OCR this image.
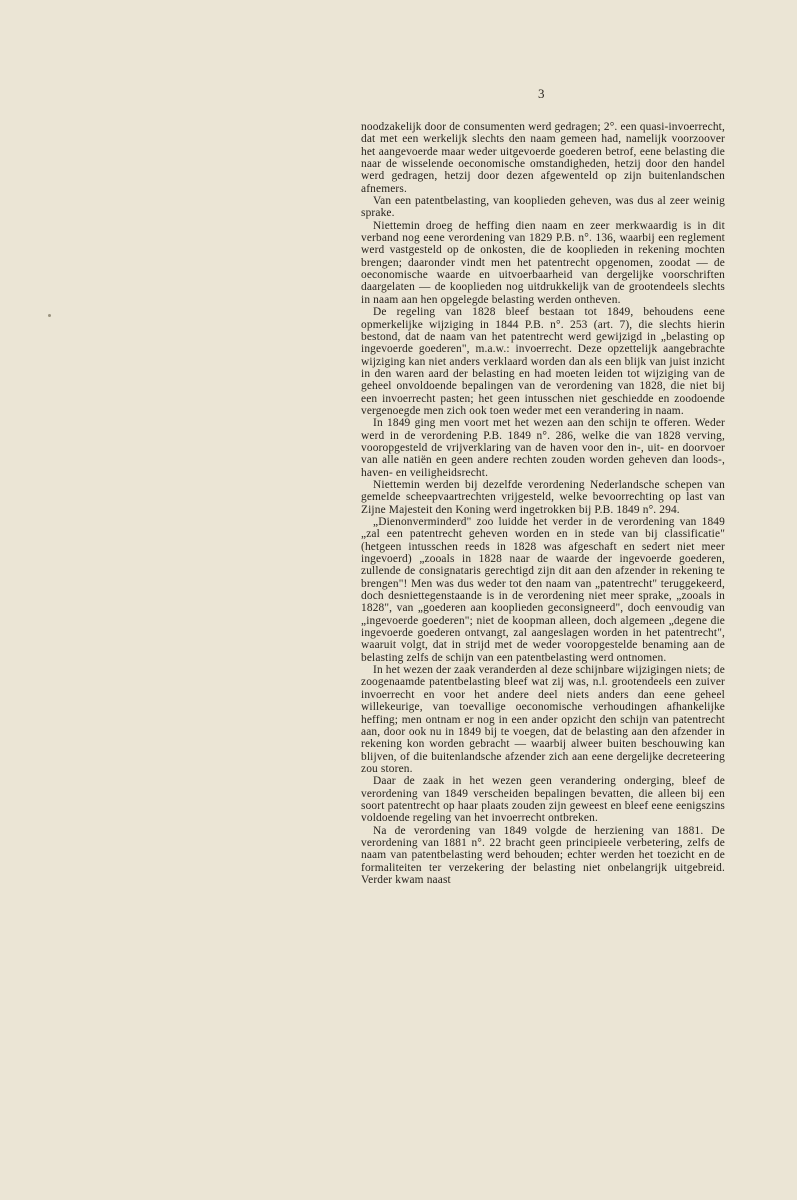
3

noodzakelijk door de consumenten werd gedragen; 2°. een quasi-invoerrecht, dat met een werkelijk slechts den naam gemeen had, namelijk voorzoover het aangevoerde maar weder uitgevoerde goederen betrof, eene belasting die naar de wisselende oeconomische omstandigheden, hetzij door den handel werd gedragen, hetzij door dezen afgewenteld op zijn buitenlandschen afnemers.

Van een patentbelasting, van kooplieden geheven, was dus al zeer weinig sprake.

Niettemin droeg de heffing dien naam en zeer merkwaardig is in dit verband nog eene verordening van 1829 P.B. n°. 136, waarbij een reglement werd vastgesteld op de onkosten, die de kooplieden in rekening mochten brengen; daaronder vindt men het patentrecht opgenomen, zoodat — de oeconomische waarde en uitvoerbaarheid van dergelijke voorschriften daargelaten — de kooplieden nog uitdrukkelijk van de grootendeels slechts in naam aan hen opgelegde belasting werden ontheven.

De regeling van 1828 bleef bestaan tot 1849, behoudens eene opmerkelijke wijziging in 1844 P.B. n°. 253 (art. 7), die slechts hierin bestond, dat de naam van het patentrecht werd gewijzigd in „belasting op ingevoerde goederen", m.a.w.: invoerrecht. Deze opzettelijk aangebrachte wijziging kan niet anders verklaard worden dan als een blijk van juist inzicht in den waren aard der belasting en had moeten leiden tot wijziging van de geheel onvoldoende bepalingen van de verordening van 1828, die niet bij een invoerrecht pasten; het geen intusschen niet geschiedde en zoodoende vergenoegde men zich ook toen weder met een verandering in naam.

In 1849 ging men voort met het wezen aan den schijn te offeren. Weder werd in de verordening P.B. 1849 n°. 286, welke die van 1828 verving, vooropgesteld de vrijverklaring van de haven voor den in-, uit- en doorvoer van alle natiën en geen andere rechten zouden worden geheven dan loods-, haven- en veiligheidsrecht.

Niettemin werden bij dezelfde verordening Nederlandsche schepen van gemelde scheepvaartrechten vrijgesteld, welke bevoorrechting op last van Zijne Majesteit den Koning werd ingetrokken bij P.B. 1849 n°. 294.

„Dienonverminderd" zoo luidde het verder in de verordening van 1849 „zal een patentrecht geheven worden en in stede van bij classificatie" (hetgeen intusschen reeds in 1828 was afgeschaft en sedert niet meer ingevoerd) „zooals in 1828 naar de waarde der ingevoerde goederen, zullende de consignataris gerechtigd zijn dit aan den afzender in rekening te brengen"! Men was dus weder tot den naam van „patentrecht" teruggekeerd, doch desniettegenstaande is in de verordening niet meer sprake, „zooals in 1828", van „goederen aan kooplieden geconsigneerd", doch eenvoudig van „ingevoerde goederen"; niet de koopman alleen, doch algemeen „degene die ingevoerde goederen ontvangt, zal aangeslagen worden in het patentrecht", waaruit volgt, dat in strijd met de weder vooropgestelde benaming aan de belasting zelfs de schijn van een patentbelasting werd ontnomen.

In het wezen der zaak veranderden al deze schijnbare wijzigingen niets; de zoogenaamde patentbelasting bleef wat zij was, n.l. grootendeels een zuiver invoerrecht en voor het andere deel niets anders dan eene geheel willekeurige, van toevallige oeconomische verhoudingen afhankelijke heffing; men ontnam er nog in een ander opzicht den schijn van patentrecht aan, door ook nu in 1849 bij te voegen, dat de belasting aan den afzender in rekening kon worden gebracht — waarbij alweer buiten beschouwing kan blijven, of die buitenlandsche afzender zich aan eene dergelijke decreteering zou storen.

Daar de zaak in het wezen geen verandering onderging, bleef de verordening van 1849 verscheiden bepalingen bevatten, die alleen bij een soort patentrecht op haar plaats zouden zijn geweest en bleef eene eenigszins voldoende regeling van het invoerrecht ontbreken.

Na de verordening van 1849 volgde de herziening van 1881. De verordening van 1881 n°. 22 bracht geen principieele verbetering, zelfs de naam van patentbelasting werd behouden; echter werden het toezicht en de formaliteiten ter verzekering der belasting niet onbelangrijk uitgebreid. Verder kwam naast
